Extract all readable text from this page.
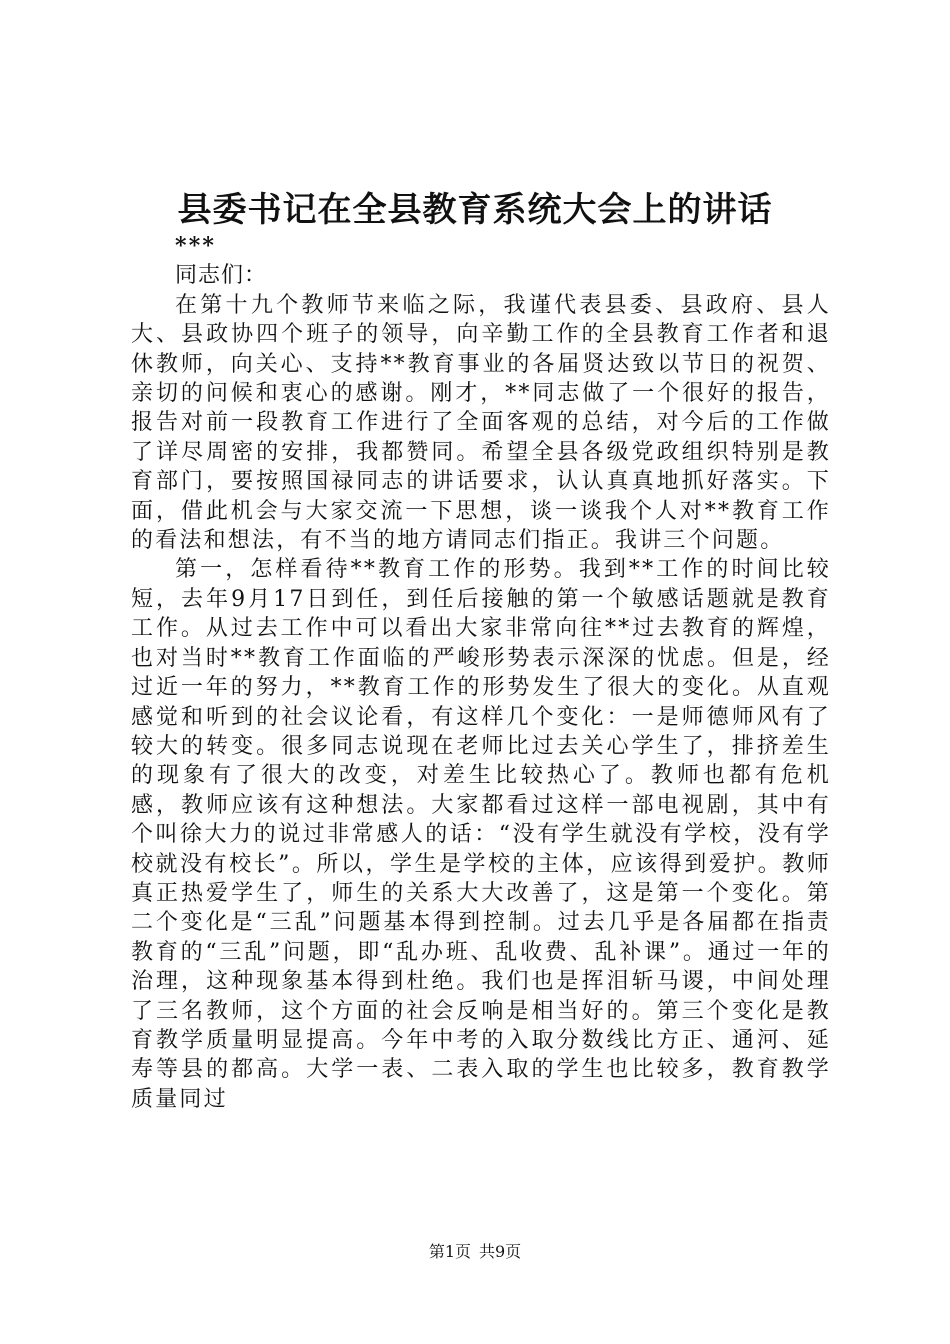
县委书记在全县教育系统大会上的讲话

***

同志们：

在第十九个教师节来临之际，我谨代表县委、县政府、县人大、县政协四个班子的领导，向辛勤工作的全县教育工作者和退休教师，向关心、支持**教育事业的各届贤达致以节日的祝贺、亲切的问候和衷心的感谢。刚才，**同志做了一个很好的报告，报告对前一段教育工作进行了全面客观的总结，对今后的工作做了详尽周密的安排，我都赞同。希望全县各级党政组织特别是教育部门，要按照国禄同志的讲话要求，认认真真地抓好落实。下面，借此机会与大家交流一下思想，谈一谈我个人对**教育工作的看法和想法，有不当的地方请同志们指正。我讲三个问题。

第一，怎样看待**教育工作的形势。我到**工作的时间比较短，去年9月17日到任，到任后接触的第一个敏感话题就是教育工作。从过去工作中可以看出大家非常向往**过去教育的辉煌，也对当时**教育工作面临的严峻形势表示深深的忧虑。但是，经过近一年的努力，**教育工作的形势发生了很大的变化。从直观感觉和听到的社会议论看，有这样几个变化：一是师德师风有了较大的转变。很多同志说现在老师比过去关心学生了，排挤差生的现象有了很大的改变，对差生比较热心了。教师也都有危机感，教师应该有这种想法。大家都看过这样一部电视剧，其中有个叫徐大力的说过非常感人的话：“没有学生就没有学校，没有学校就没有校长”。所以，学生是学校的主体，应该得到爱护。教师真正热爱学生了，师生的关系大大改善了，这是第一个变化。第二个变化是“三乱”问题基本得到控制。过去几乎是各届都在指责教育的“三乱”问题，即“乱办班、乱收费、乱补课”。通过一年的治理，这种现象基本得到杜绝。我们也是挥泪斩马谡，中间处理了三名教师，这个方面的社会反响是相当好的。第三个变化是教育教学质量明显提高。今年中考的入取分数线比方正、通河、延寿等县的都高。大学一表、二表入取的学生也比较多，教育教学质量同过

第1页 共9页
